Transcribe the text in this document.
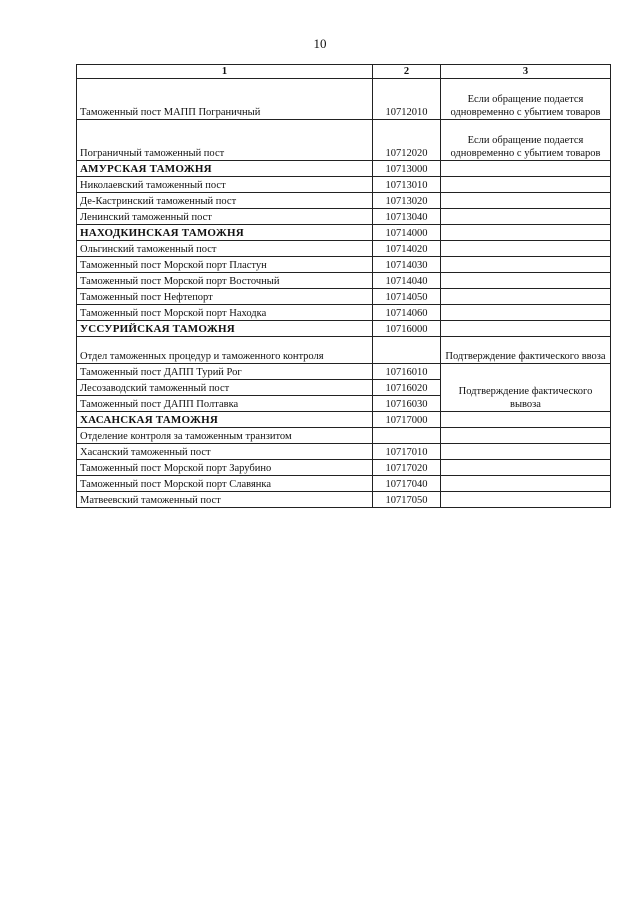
10
1	2	3
Таможенный пост МАПП Пограничный	10712010	Если обращение подается одновременно с убытием товаров
Пограничный таможенный пост	10712020	Если обращение подается одновременно с убытием товаров
АМУРСКАЯ ТАМОЖНЯ	10713000	
Николаевский таможенный пост	10713010	
Де-Кастринский таможенный пост	10713020	
Ленинский таможенный пост	10713040	
НАХОДКИНСКАЯ ТАМОЖНЯ	10714000	
Ольгинский таможенный пост	10714020	
Таможенный пост Морской порт Пластун	10714030	
Таможенный пост Морской порт Восточный	10714040	
Таможенный пост Нефтепорт	10714050	
Таможенный пост Морской порт Находка	10714060	
УССУРИЙСКАЯ ТАМОЖНЯ	10716000	
Отдел таможенных процедур и таможенного контроля		Подтверждение фактического ввоза
Таможенный пост ДАПП Турий Рог	10716010	Подтверждение фактического вывоза
Лесозаводский таможенный пост	10716020	
Таможенный пост ДАПП Полтавка	10716030	
ХАСАНСКАЯ ТАМОЖНЯ	10717000	
Отделение контроля за таможенным транзитом		
Хасанский таможенный пост	10717010	
Таможенный пост Морской порт Зарубино	10717020	
Таможенный пост Морской порт Славянка	10717040	
Матвеевский таможенный пост	10717050	
